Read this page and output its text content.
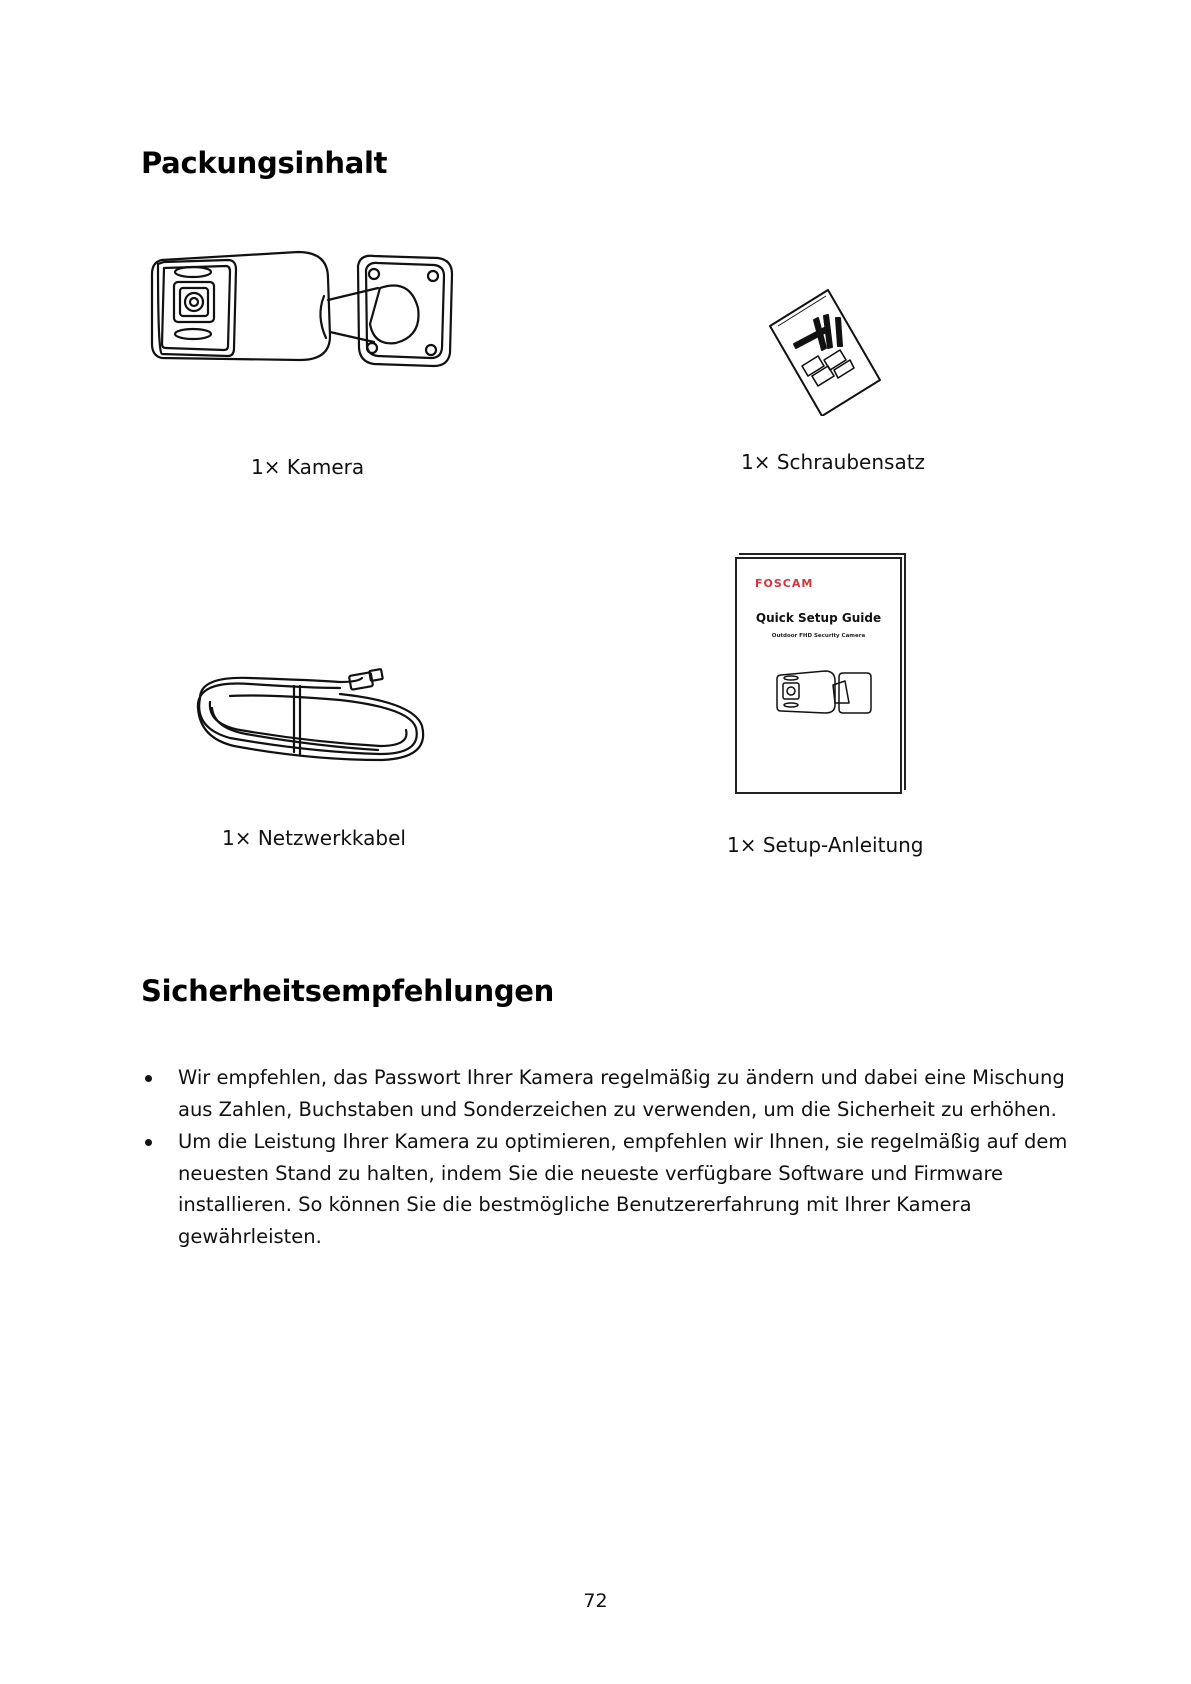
Packungsinhalt
1× Kamera	1× Schraubensatz
FOSCAM
Quick Setup Guide
Outdoor FHD Security Camera
1× Netzwerkkabel	1× Setup-Anleitung
Sicherheitsempfehlungen
Wir empfehlen, das Passwort Ihrer Kamera regelmäßig zu ändern und dabei eine Mischung aus Zahlen, Buchstaben und Sonderzeichen zu verwenden, um die Sicherheit zu erhöhen.
Um die Leistung Ihrer Kamera zu optimieren, empfehlen wir Ihnen, sie regelmäßig auf dem neuesten Stand zu halten, indem Sie die neueste verfügbare Software und Firmware installieren. So können Sie die bestmögliche Benutzererfahrung mit Ihrer Kamera gewährleisten.
72
